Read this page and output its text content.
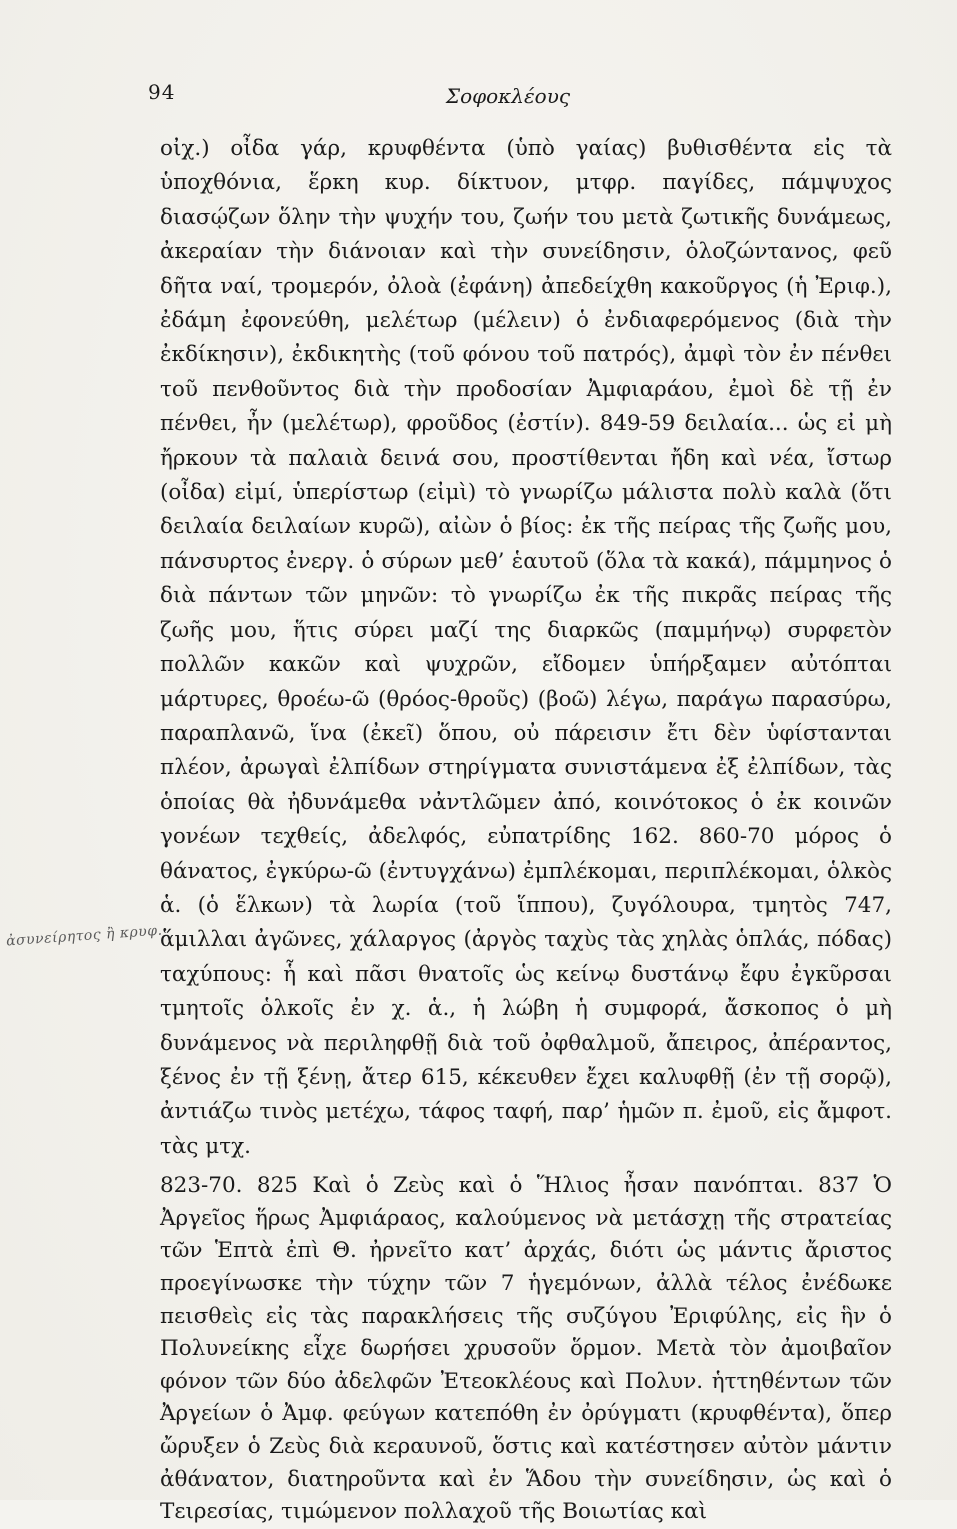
94	Σοφοκλέους
ἀσυνείρητος ἢ κρυφ.

οἰχ.) οἶδα γάρ, κρυφθέντα (ὑπὸ γαίας) βυθισθέντα εἰς τὰ ὑποχθόνια, ἕρκη κυρ. δίκτυον, μτφρ. παγίδες, πάμψυχος διασῴζων ὅλην τὴν ψυχήν του, ζωήν του μετὰ ζωτικῆς δυνάμεως, ἀκεραίαν τὴν διάνοιαν καὶ τὴν συνείδησιν, ὁλοζώντανος, φεῦ δῆτα ναί, τρομερόν, ὀλοὰ (ἐφάνη) ἀπεδείχθη κακοῦργος (ἡ Ἐριφ.), ἐδάμη ἐφονεύθη, μελέτωρ (μέλειν) ὁ ἐνδιαφερόμενος (διὰ τὴν ἐκδίκησιν), ἐκδικητὴς (τοῦ φόνου τοῦ πατρός), ἀμφὶ τὸν ἐν πένθει τοῦ πενθοῦντος διὰ τὴν προδοσίαν Ἀμφιαράου, ἐμοὶ δὲ τῇ ἐν πένθει, ἦν (μελέτωρ), φροῦδος (ἐστίν). 849-59 δειλαία... ὡς εἰ μὴ ἤρκουν τὰ παλαιὰ δεινά σου, προστίθενται ἤδη καὶ νέα, ἴστωρ (οἶδα) εἰμί, ὑπερίστωρ (εἰμὶ) τὸ γνωρίζω μάλιστα πολὺ καλὰ (ὅτι δειλαία δειλαίων κυρῶ), αἰὼν ὁ βίος: ἐκ τῆς πείρας τῆς ζωῆς μου, πάνσυρτος ἐνεργ. ὁ σύρων μεθ’ ἑαυτοῦ (ὅλα τὰ κακά), πάμμηνος ὁ διὰ πάντων τῶν μηνῶν: τὸ γνωρίζω ἐκ τῆς πικρᾶς πείρας τῆς ζωῆς μου, ἥτις σύρει μαζί της διαρκῶς (παμμήνῳ) συρφετὸν πολλῶν κακῶν καὶ ψυχρῶν, εἴδομεν ὑπήρξαμεν αὐτόπται μάρτυρες, θροέω-ῶ (θρόος-θροῦς) (βοῶ) λέγω, παράγω παρασύρω, παραπλανῶ, ἵνα (ἐκεῖ) ὅπου, οὐ πάρεισιν ἔτι δὲν ὑφίστανται πλέον, ἀρωγαὶ ἐλπίδων στηρίγματα συνιστάμενα ἐξ ἐλπίδων, τὰς ὁποίας θὰ ἠδυνάμεθα νἀντλῶμεν ἀπό, κοινότοκος ὁ ἐκ κοινῶν γονέων τεχθείς, ἀδελφός, εὐπατρίδης 162. 860-70 μόρος ὁ θάνατος, ἐγκύρω-ῶ (ἐντυγχάνω) ἐμπλέκομαι, περιπλέκομαι, ὁλκὸς ἁ. (ὁ ἕλκων) τὰ λωρία (τοῦ ἵππου), ζυγόλουρα, τμητὸς 747, ἅμιλλαι ἀγῶνες, χάλαργος (ἀργὸς ταχὺς τὰς χηλὰς ὁπλάς, πόδας) ταχύπους: ἧ καὶ πᾶσι θνατοῖς ὡς κείνῳ δυστάνῳ ἔφυ ἐγκῦρσαι τμητοῖς ὁλκοῖς ἐν χ. ἁ., ἡ λώβη ἡ συμφορά, ἄσκοπος ὁ μὴ δυνάμενος νὰ περιληφθῇ διὰ τοῦ ὀφθαλμοῦ, ἄπειρος, ἀπέραντος, ξένος ἐν τῇ ξένῃ, ἄτερ 615, κέκευθεν ἔχει καλυφθῇ (ἐν τῇ σορῷ), ἀντιάζω τινὸς μετέχω, τάφος ταφή, παρ’ ἡμῶν π. ἐμοῦ, εἰς ἄμφοτ. τὰς μτχ.

823-70. 825 Καὶ ὁ Ζεὺς καὶ ὁ Ἥλιος ἦσαν πανόπται. 837 Ὁ Ἀργεῖος ἥρως Ἀμφιάραος, καλούμενος νὰ μετάσχῃ τῆς στρατείας τῶν Ἑπτὰ ἐπὶ Θ. ἠρνεῖτο κατ’ ἀρχάς, διότι ὡς μάντις ἄριστος προεγίνωσκε τὴν τύχην τῶν 7 ἡγεμόνων, ἀλλὰ τέλος ἐνέδωκε πεισθεὶς εἰς τὰς παρακλήσεις τῆς συζύγου Ἐριφύλης, εἰς ἣν ὁ Πολυνείκης εἶχε δωρήσει χρυσοῦν ὅρμον. Μετὰ τὸν ἀμοιβαῖον φόνον τῶν δύο ἀδελφῶν Ἐτεοκλέους καὶ Πολυν. ἡττηθέντων τῶν Ἀργείων ὁ Ἀμφ. φεύγων κατεπόθη ἐν ὀρύγματι (κρυφθέντα), ὅπερ ὤρυξεν ὁ Ζεὺς διὰ κεραυνοῦ, ὅστις καὶ κατέστησεν αὐτὸν μάντιν ἀθάνατον, διατηροῦντα καὶ ἐν Ἅδου τὴν συνείδησιν, ὡς καὶ ὁ Τειρεσίας, τιμώμενον πολλαχοῦ τῆς Βοιωτίας καὶ
